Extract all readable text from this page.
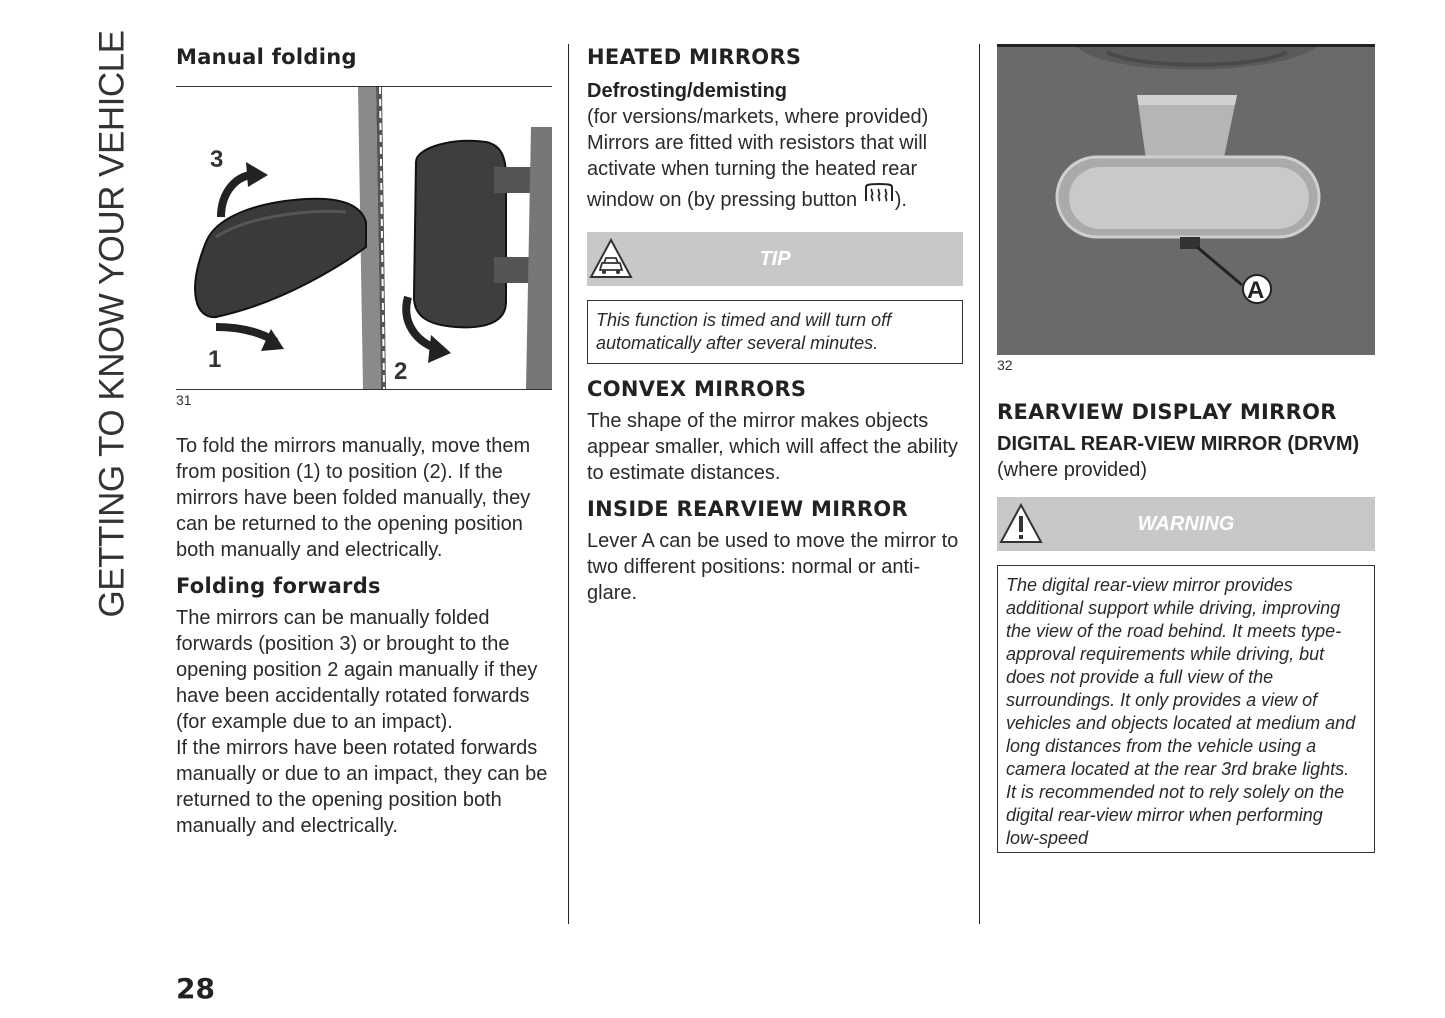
GETTING TO KNOW YOUR VEHICLE Manual folding
3
1	2
31

To fold the mirrors manually, move them from position (1) to position (2). If the mirrors have been folded manually, they can be returned to the opening position both manually and electrically.

Folding forwards

The mirrors can be manually folded forwards (position 3) or brought to the opening position 2 again manually if they have been accidentally rotated forwards (for example due to an impact).

If the mirrors have been rotated forwards manually or due to an impact, they can be returned to the opening position both manually and electrically.

HEATED MIRRORS
Defrosting/demisting

(for versions/markets, where provided)
Mirrors are fitted with resistors that will
activate when turning the heated rear
window on (by pressing button ).

TIP
This function is timed and will turn off automatically after several minutes.
CONVEX MIRRORS

The shape of the mirror makes objects appear smaller, which will affect the ability to estimate distances.

INSIDE REARVIEW MIRROR

Lever A can be used to move the mirror to two different positions: normal or anti-glare.

A
32
REARVIEW DISPLAY MIRROR
DIGITAL REAR-VIEW MIRROR (DRVM)

(where provided)

WARNING
The digital rear-view mirror provides additional support while driving, improving the view of the road behind. It meets type-approval requirements while driving, but does not provide a full view of the surroundings. It only provides a view of vehicles and objects located at medium and long distances from the vehicle using a camera located at the rear 3rd brake lights. It is recommended not to rely solely on the digital rear-view mirror when performing low-speed
28
